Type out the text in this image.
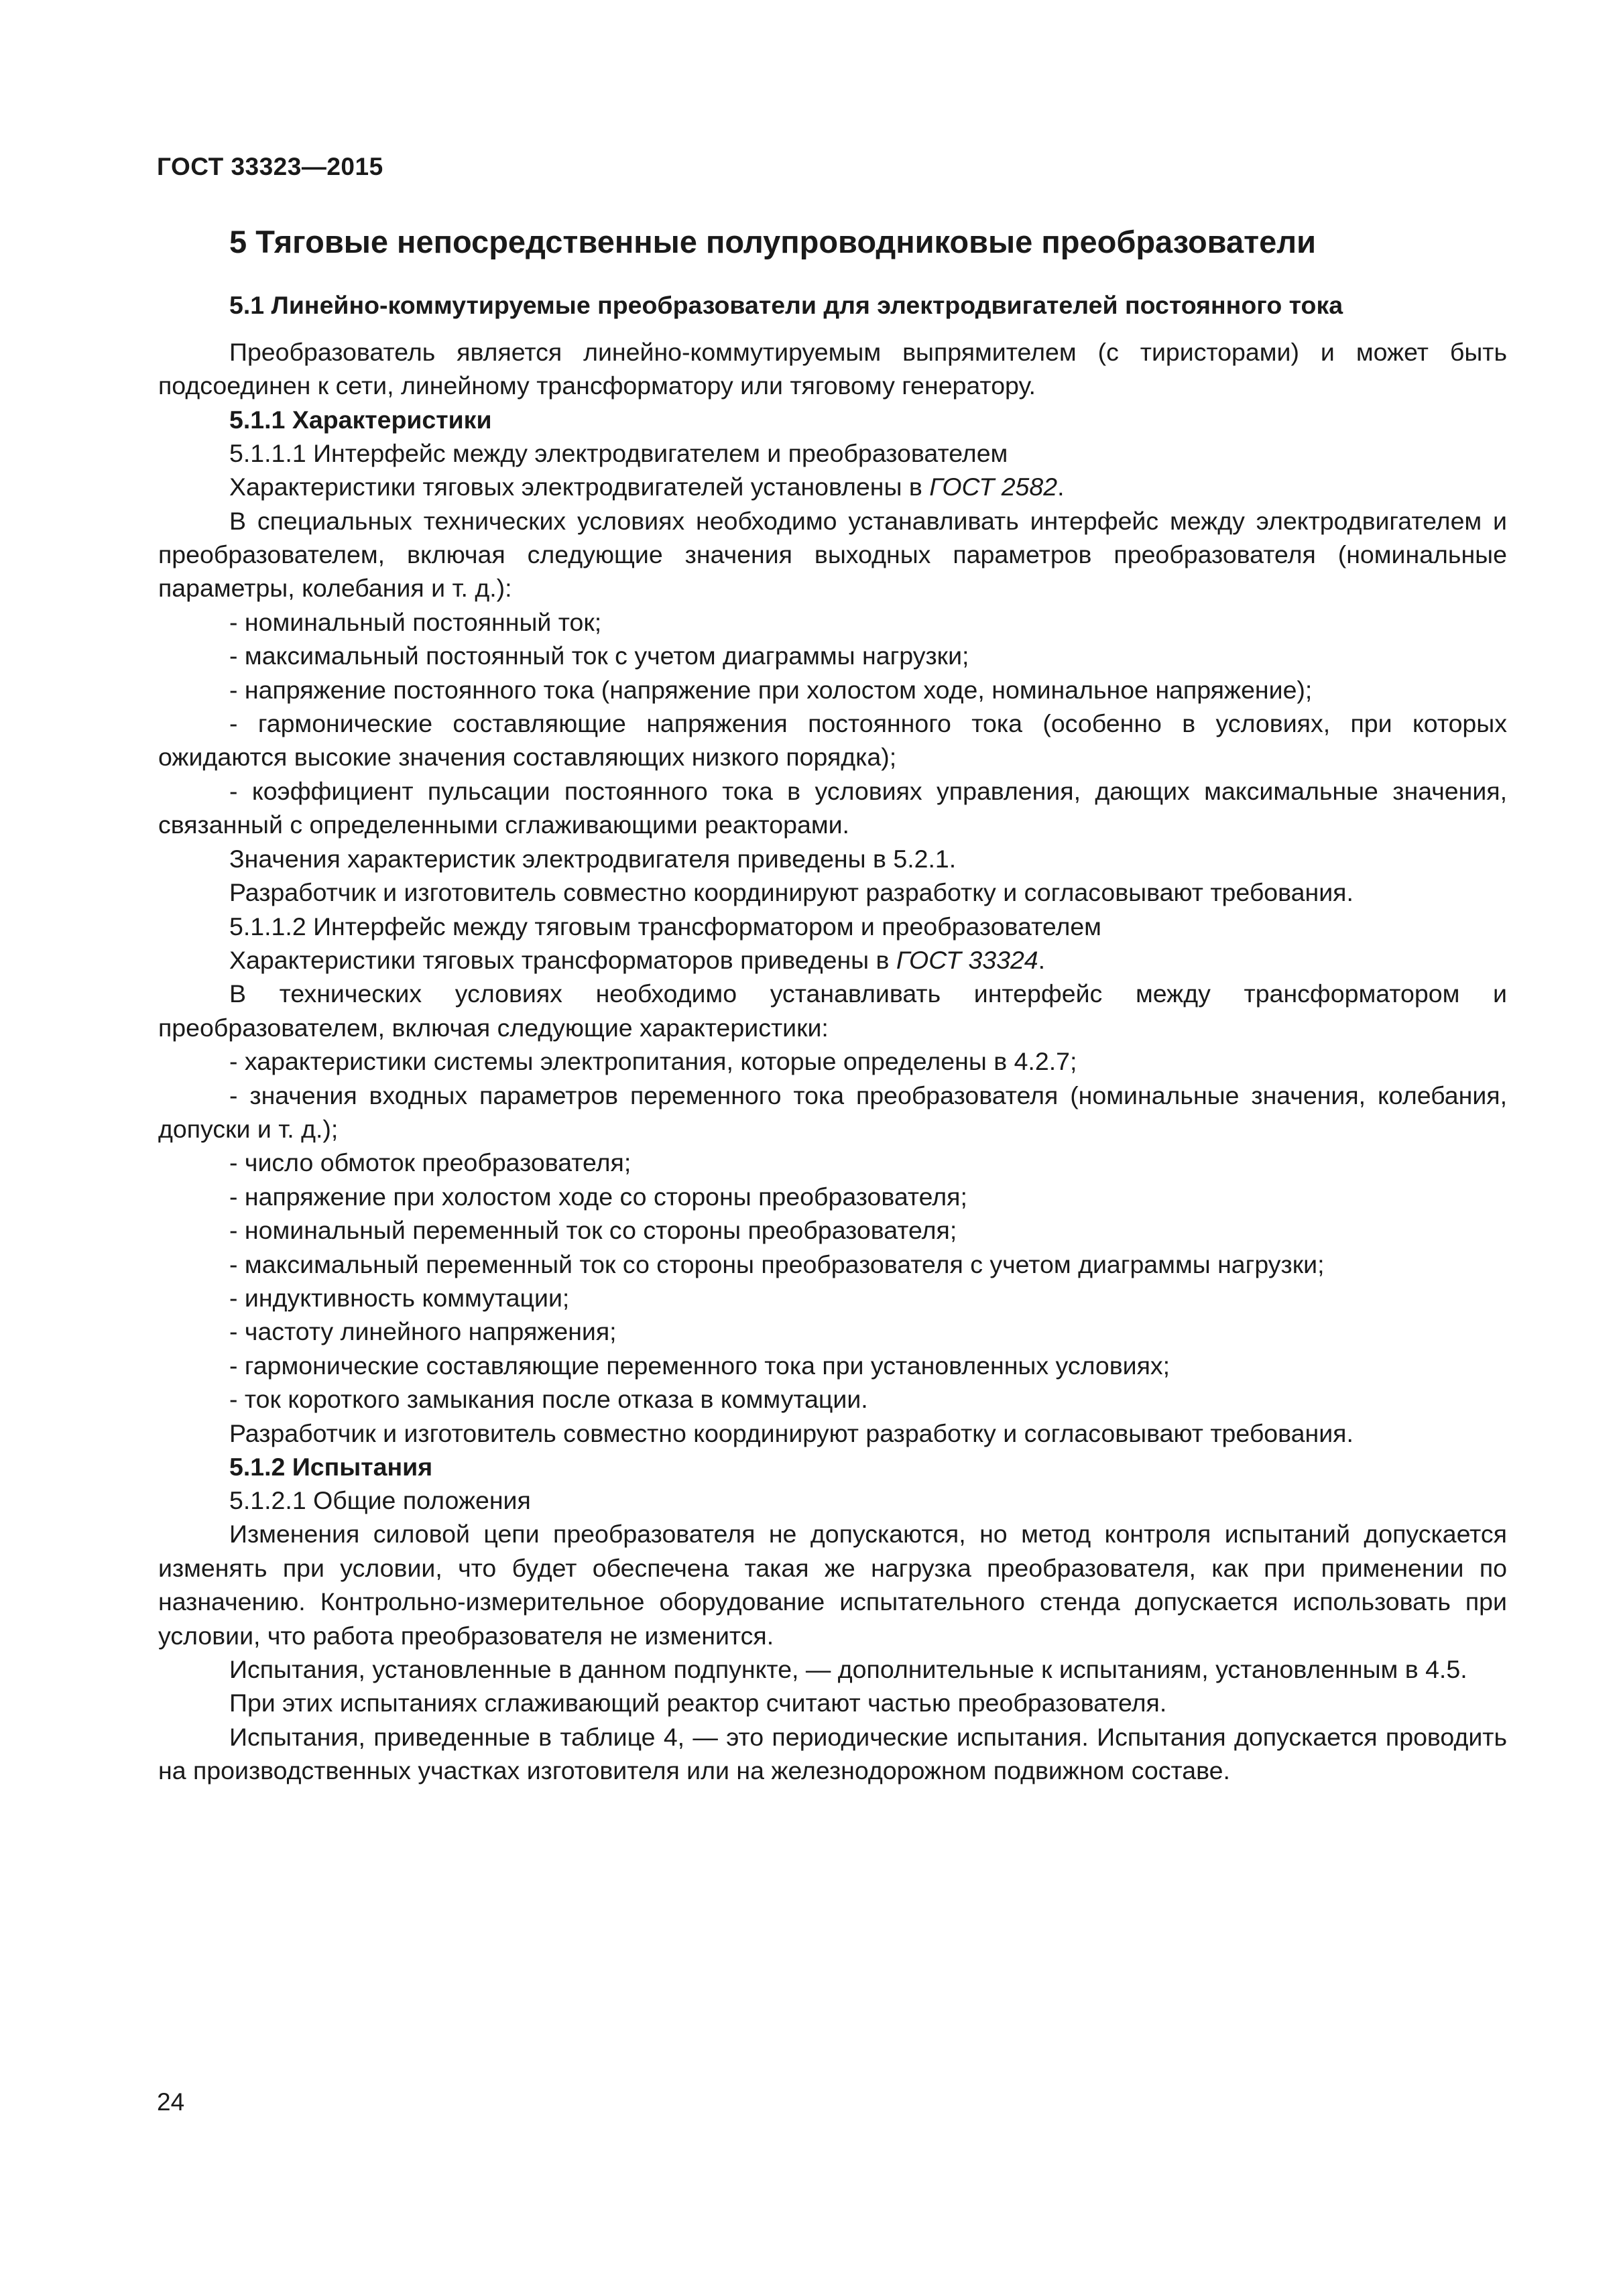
ГОСТ 33323—2015
5 Тяговые непосредственные полупроводниковые преобразователи
5.1 Линейно-коммутируемые преобразователи для электродвигателей постоянного тока

Преобразователь является линейно-коммутируемым выпрямителем (с тиристорами) и может быть подсоединен к сети, линейному трансформатору или тяговому генератору.

5.1.1 Характеристики

5.1.1.1 Интерфейс между электродвигателем и преобразователем

Характеристики тяговых электродвигателей установлены в ГОСТ 2582.

В специальных технических условиях необходимо устанавливать интерфейс между электродвигателем и преобразователем, включая следующие значения выходных параметров преобразователя (номинальные параметры, колебания и т. д.):

- номинальный постоянный ток;

- максимальный постоянный ток с учетом диаграммы нагрузки;

- напряжение постоянного тока (напряжение при холостом ходе, номинальное напряжение);

- гармонические составляющие напряжения постоянного тока (особенно в условиях, при которых ожидаются высокие значения составляющих низкого порядка);

- коэффициент пульсации постоянного тока в условиях управления, дающих максимальные значения, связанный с определенными сглаживающими реакторами.

Значения характеристик электродвигателя приведены в 5.2.1.

Разработчик и изготовитель совместно координируют разработку и согласовывают требования.

5.1.1.2 Интерфейс между тяговым трансформатором и преобразователем

Характеристики тяговых трансформаторов приведены в ГОСТ 33324.

В технических условиях необходимо устанавливать интерфейс между трансформатором и преобразователем, включая следующие характеристики:

- характеристики системы электропитания, которые определены в 4.2.7;

- значения входных параметров переменного тока преобразователя (номинальные значения, колебания, допуски и т. д.);

- число обмоток преобразователя;

- напряжение при холостом ходе со стороны преобразователя;

- номинальный переменный ток со стороны преобразователя;

- максимальный переменный ток со стороны преобразователя с учетом диаграммы нагрузки;

- индуктивность коммутации;

- частоту линейного напряжения;

- гармонические составляющие переменного тока при установленных условиях;

- ток короткого замыкания после отказа в коммутации.

Разработчик и изготовитель совместно координируют разработку и согласовывают требования.

5.1.2 Испытания

5.1.2.1 Общие положения

Изменения силовой цепи преобразователя не допускаются, но метод контроля испытаний допускается изменять при условии, что будет обеспечена такая же нагрузка преобразователя, как при применении по назначению. Контрольно-измерительное оборудование испытательного стенда допускается использовать при условии, что работа преобразователя не изменится.

Испытания, установленные в данном подпункте, — дополнительные к испытаниям, установленным в 4.5.

При этих испытаниях сглаживающий реактор считают частью преобразователя.

Испытания, приведенные в таблице 4, — это периодические испытания. Испытания допускается проводить на производственных участках изготовителя или на железнодорожном подвижном составе.

24
